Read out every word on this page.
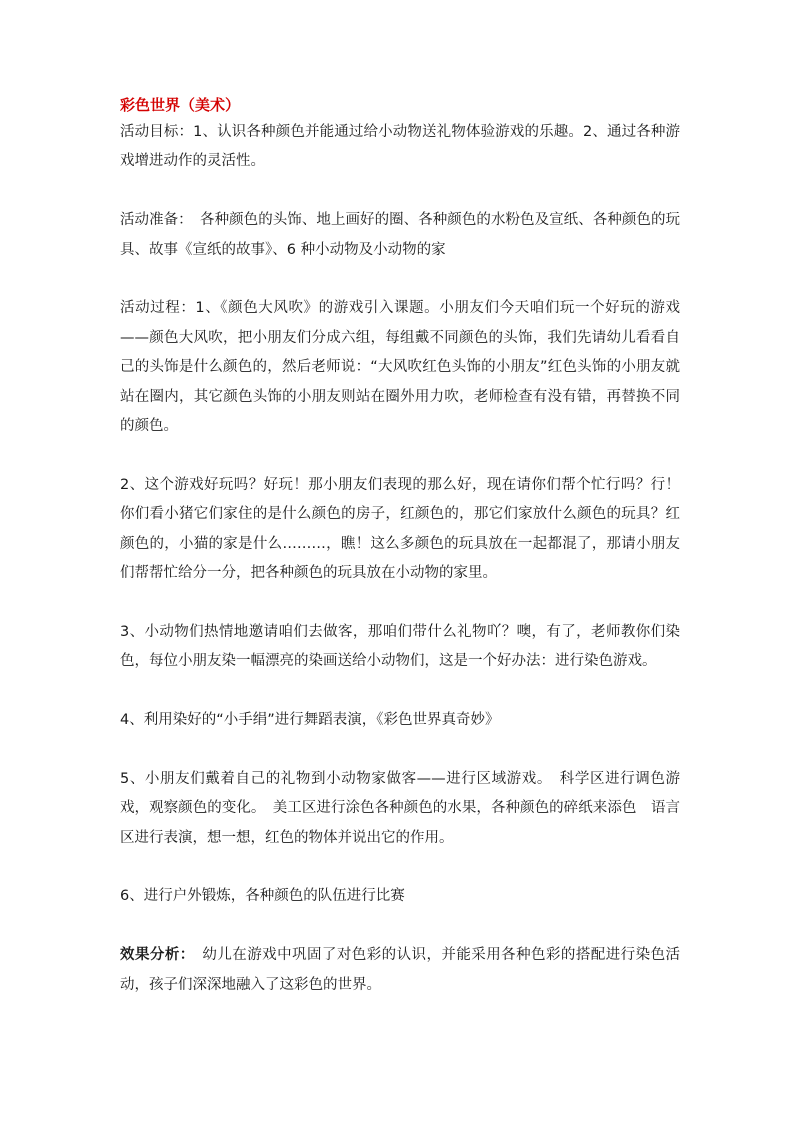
彩色世界（美术）

活动目标：1、认识各种颜色并能通过给小动物送礼物体验游戏的乐趣。2、通过各种游戏增进动作的灵活性。

活动准备：　各种颜色的头饰、地上画好的圈、各种颜色的水粉色及宣纸、各种颜色的玩具、故事《宣纸的故事》、6 种小动物及小动物的家

活动过程：1、《颜色大风吹》的游戏引入课题。小朋友们今天咱们玩一个好玩的游戏——颜色大风吹，把小朋友们分成六组，每组戴不同颜色的头饰，我们先请幼儿看看自己的头饰是什么颜色的，然后老师说：“大风吹红色头饰的小朋友”红色头饰的小朋友就站在圈内，其它颜色头饰的小朋友则站在圈外用力吹，老师检查有没有错，再替换不同的颜色。

2、这个游戏好玩吗？好玩！那小朋友们表现的那么好，现在请你们帮个忙行吗？行！你们看小猪它们家住的是什么颜色的房子，红颜色的，那它们家放什么颜色的玩具？红颜色的，小猫的家是什么………，瞧！这么多颜色的玩具放在一起都混了，那请小朋友们帮帮忙给分一分，把各种颜色的玩具放在小动物的家里。

3、小动物们热情地邀请咱们去做客，那咱们带什么礼物吖？噢，有了，老师教你们染色，每位小朋友染一幅漂亮的染画送给小动物们，这是一个好办法：进行染色游戏。

4、利用染好的“小手绢”进行舞蹈表演，《彩色世界真奇妙》

5、小朋友们戴着自己的礼物到小动物家做客——进行区域游戏。　科学区进行调色游戏，观察颜色的变化。　美工区进行涂色各种颜色的水果，各种颜色的碎纸来添色　语言区进行表演，想一想，红色的物体并说出它的作用。

6、进行户外锻炼，各种颜色的队伍进行比赛

效果分析：　幼儿在游戏中巩固了对色彩的认识，并能采用各种色彩的搭配进行染色活动，孩子们深深地融入了这彩色的世界。
